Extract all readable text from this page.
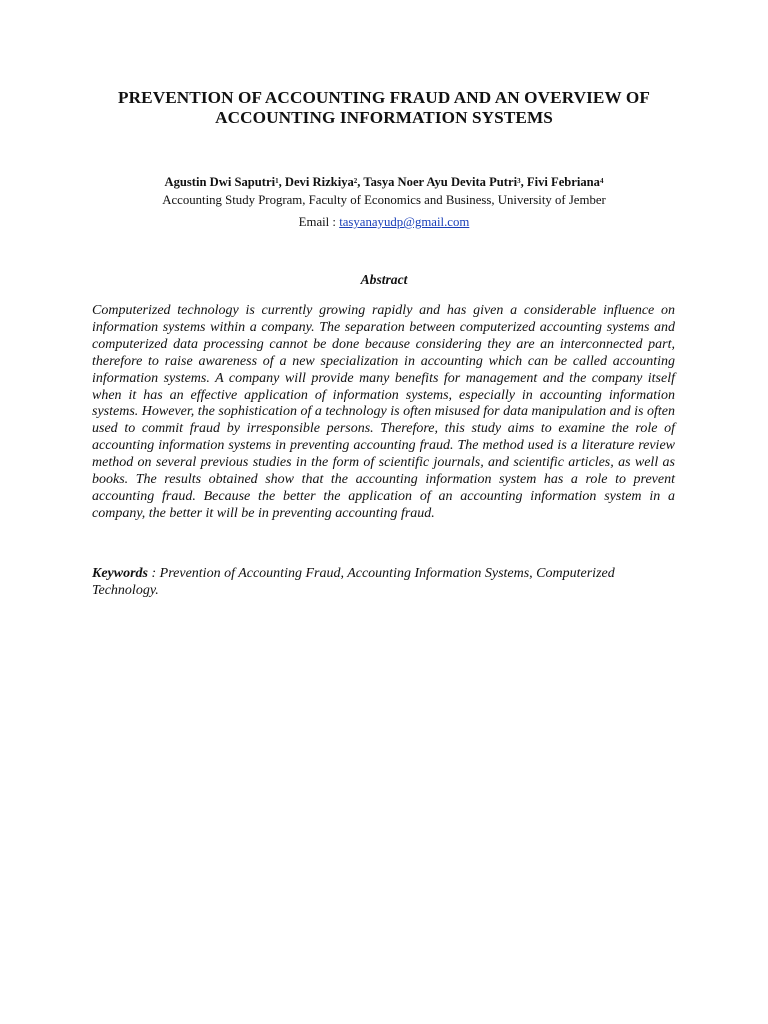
PREVENTION OF ACCOUNTING FRAUD AND AN OVERVIEW OF
ACCOUNTING INFORMATION SYSTEMS
Agustin Dwi Saputri$^1$, Devi Rizkiya$^2$, Tasya Noer Ayu Devita Putri$^3$, Fivi Febriana$^4$
Accounting Study Program, Faculty of Economics and Business, University of Jember
Email : tasyanayudp@gmail.com
Abstract

Computerized technology is currently growing rapidly and has given a considerable influence on information systems within a company. The separation between computerized accounting systems and computerized data processing cannot be done because considering they are an interconnected part, therefore to raise awareness of a new specialization in accounting which can be called accounting information systems. A company will provide many benefits for management and the company itself when it has an effective application of information systems, especially in accounting information systems. However, the sophistication of a technology is often misused for data manipulation and is often used to commit fraud by irresponsible persons. Therefore, this study aims to examine the role of accounting information systems in preventing accounting fraud. The method used is a literature review method on several previous studies in the form of scientific journals, and scientific articles, as well as books. The results obtained show that the accounting information system has a role to prevent accounting fraud. Because the better the application of an accounting information system in a company, the better it will be in preventing accounting fraud.

Keywords : Prevention of Accounting Fraud, Accounting Information Systems, Computerized Technology.
